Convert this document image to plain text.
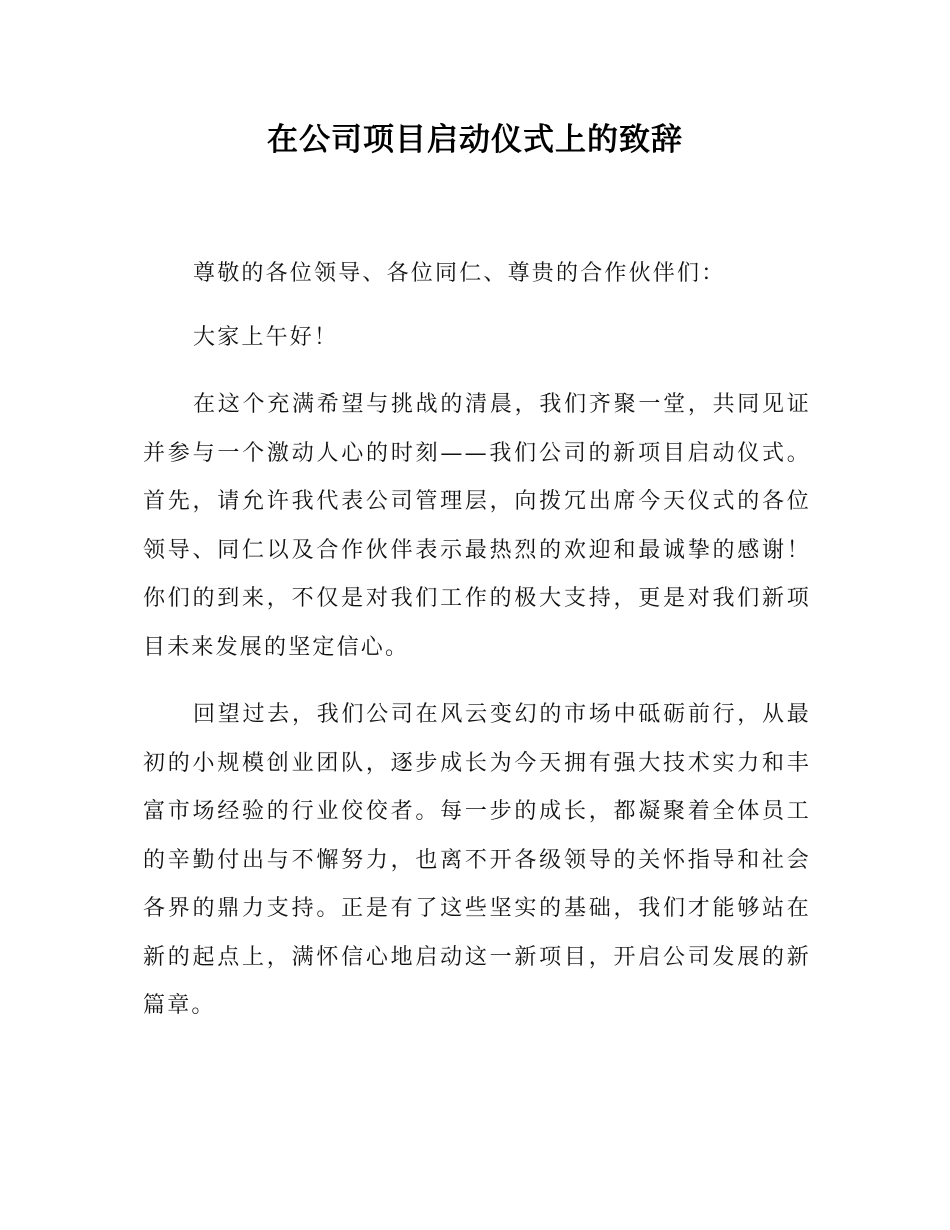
在公司项目启动仪式上的致辞

尊敬的各位领导、各位同仁、尊贵的合作伙伴们：

大家上午好！

在这个充满希望与挑战的清晨，我们齐聚一堂，共同见证并参与一个激动人心的时刻——我们公司的新项目启动仪式。首先，请允许我代表公司管理层，向拨冗出席今天仪式的各位领导、同仁以及合作伙伴表示最热烈的欢迎和最诚挚的感谢！你们的到来，不仅是对我们工作的极大支持，更是对我们新项目未来发展的坚定信心。

回望过去，我们公司在风云变幻的市场中砥砺前行，从最初的小规模创业团队，逐步成长为今天拥有强大技术实力和丰富市场经验的行业佼佼者。每一步的成长，都凝聚着全体员工的辛勤付出与不懈努力，也离不开各级领导的关怀指导和社会各界的鼎力支持。正是有了这些坚实的基础，我们才能够站在新的起点上，满怀信心地启动这一新项目，开启公司发展的新篇章。
